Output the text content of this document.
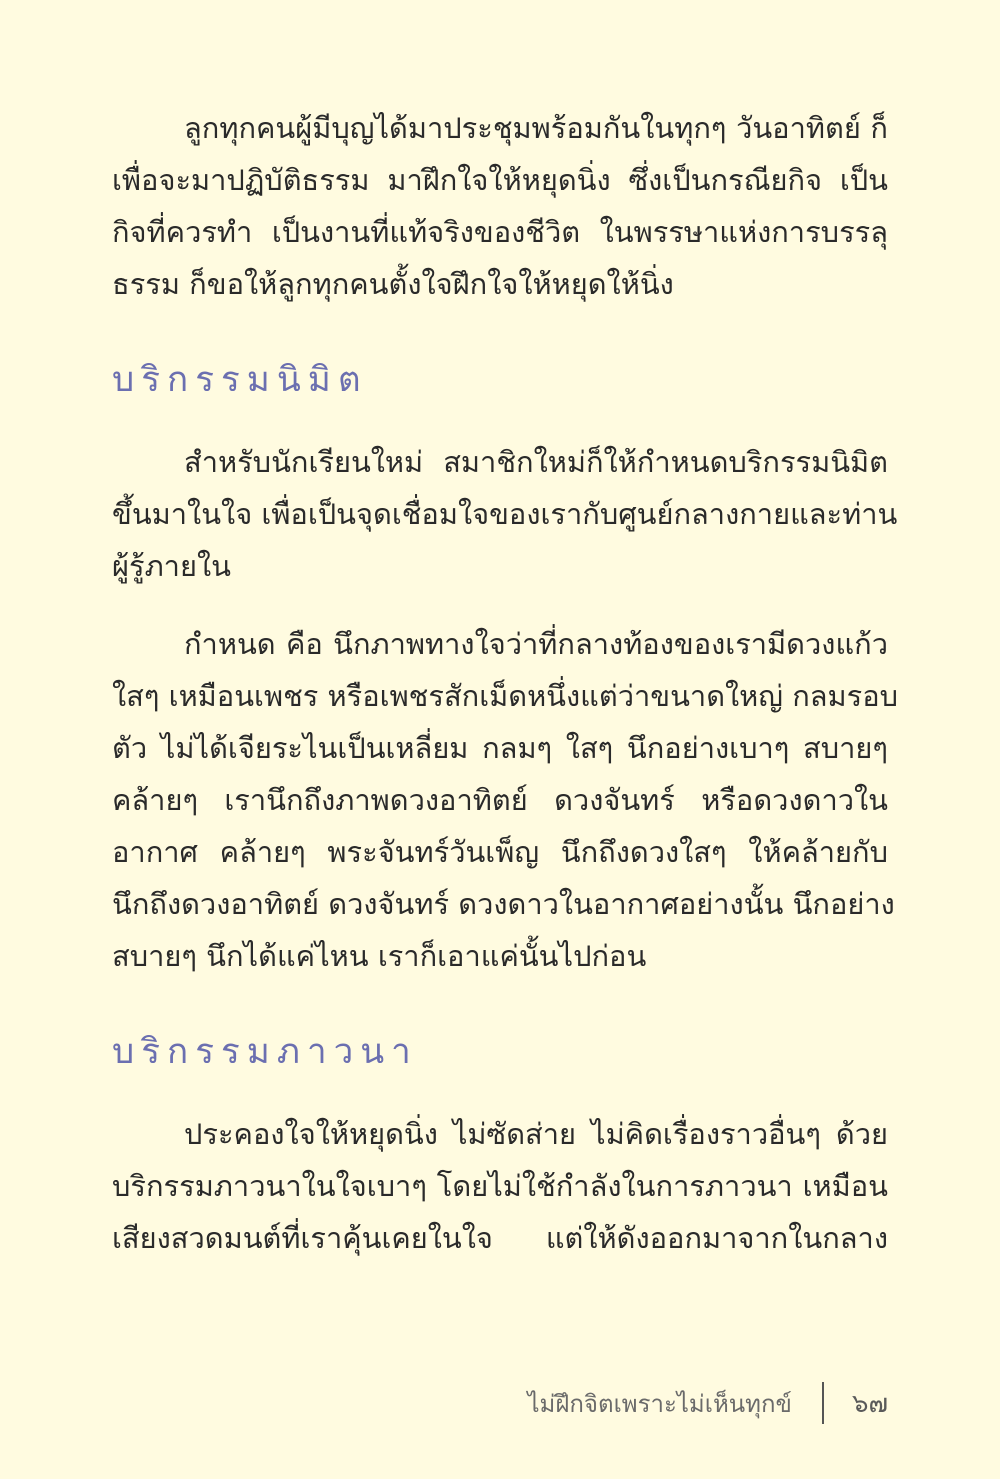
ลูกทุกคนผู้มีบุญได้มาประชุมพร้อมกันในทุกๆ วันอาทิตย์ ก็
เพื่อจะมาปฏิบัติธรรม มาฝึกใจให้หยุดนิ่ง ซึ่งเป็นกรณียกิจ เป็น
กิจที่ควรทำ เป็นงานที่แท้จริงของชีวิต ในพรรษาแห่งการบรรลุ
ธรรม ก็ขอให้ลูกทุกคนตั้งใจฝึกใจให้หยุดให้นิ่ง
บริกรรมนิมิต
สำหรับนักเรียนใหม่ สมาชิกใหม่ก็ให้กำหนดบริกรรมนิมิต
ขึ้นมาในใจ เพื่อเป็นจุดเชื่อมใจของเรากับศูนย์กลางกายและท่าน
ผู้รู้ภายใน
กำหนด คือ นึกภาพทางใจว่าที่กลางท้องของเรามีดวงแก้ว
ใสๆ เหมือนเพชร หรือเพชรสักเม็ดหนึ่งแต่ว่าขนาดใหญ่ กลมรอบ
ตัว ไม่ได้เจียระไนเป็นเหลี่ยม กลมๆ ใสๆ นึกอย่างเบาๆ สบายๆ
คล้ายๆ เรานึกถึงภาพดวงอาทิตย์ ดวงจันทร์ หรือดวงดาวใน
อากาศ คล้ายๆ พระจันทร์วันเพ็ญ นึกถึงดวงใสๆ ให้คล้ายกับ
นึกถึงดวงอาทิตย์ ดวงจันทร์ ดวงดาวในอากาศอย่างนั้น นึกอย่าง
สบายๆ นึกได้แค่ไหน เราก็เอาแค่นั้นไปก่อน
บริกรรมภาวนา
ประคองใจให้หยุดนิ่ง ไม่ซัดส่าย ไม่คิดเรื่องราวอื่นๆ ด้วย
บริกรรมภาวนาในใจเบาๆ โดยไม่ใช้กำลังในการภาวนา เหมือน
เสียงสวดมนต์ที่เราคุ้นเคยในใจ แต่ให้ดังออกมาจากในกลาง
ไม่ฝึกจิตเพราะไม่เห็นทุกข์ ๖๗
